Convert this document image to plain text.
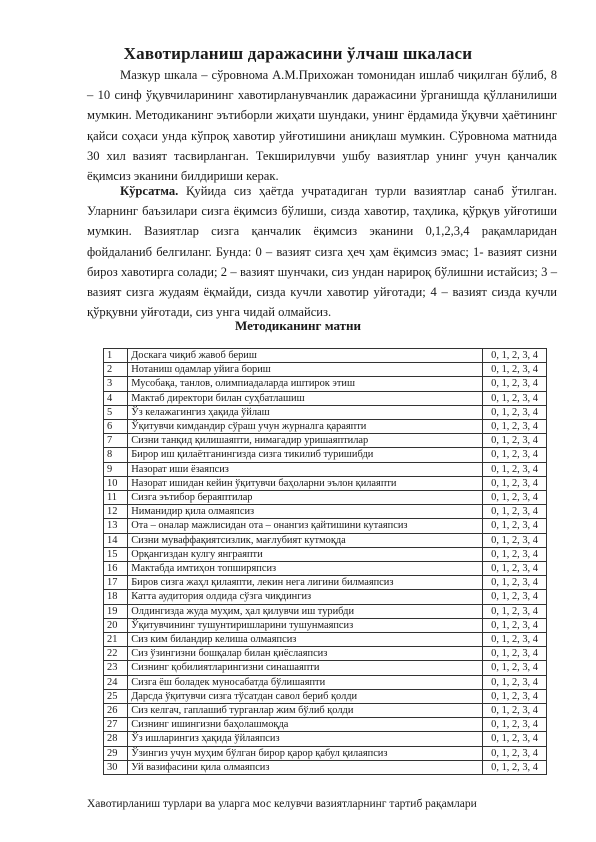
Хавотирланиш даражасини ўлчаш шкаласи

Мазкур шкала – сўровнома А.М.Прихожан томонидан ишлаб чиқилган бўлиб, 8 – 10 синф ўқувчиларининг хавотирланувчанлик даражасини ўрганишда қўлланилиши мумкин. Методиканинг эътиборли жиҳати шундаки, унинг ёрдамида ўқувчи ҳаётининг қайси соҳаси унда кўпроқ хавотир уйғотишини аниқлаш мумкин. Сўровнома матнида 30 хил вазият тасвирланган. Текширилувчи ушбу вазиятлар унинг учун қанчалик ёқимсиз эканини билдириши керак.

Кўрсатма. Қуйида сиз ҳаётда учратадиган турли вазиятлар санаб ўтилган. Уларнинг баъзилари сизга ёқимсиз бўлиши, сизда хавотир, таҳлика, қўрқув уйғотиши мумкин. Вазиятлар сизга қанчалик ёқимсиз эканини 0,1,2,3,4 рақамларидан фойдаланиб белгиланг. Бунда: 0 – вазият сизга ҳеч ҳам ёқимсиз эмас; 1- вазият сизни бироз хавотирга солади; 2 – вазият шунчаки, сиз ундан нарироқ бўлишни истайсиз; 3 – вазият сизга жудаям ёқмайди, сизда кучли хавотир уйғотади; 4 – вазият сизда кучли қўрқувни уйғотади, сиз унга чидай олмайсиз.

Методиканинг матни
1	Доскага чиқиб жавоб бериш	0, 1, 2, 3, 4
2	Нотаниш одамлар уйига бориш	0, 1, 2, 3, 4
3	Мусобақа, танлов, олимпиадаларда иштирок этиш	0, 1, 2, 3, 4
4	Мактаб директори билан суҳбатлашиш	0, 1, 2, 3, 4
5	Ўз келажагингиз ҳақида ўйлаш	0, 1, 2, 3, 4
6	Ўқитувчи кимдандир сўраш учун журналга қараяпти	0, 1, 2, 3, 4
7	Сизни танқид қилишаяпти, нимагадир уришаяптилар	0, 1, 2, 3, 4
8	Бирор иш қилаётганингизда сизга тикилиб туришибди	0, 1, 2, 3, 4
9	Назорат иши ёзаяпсиз	0, 1, 2, 3, 4
10	Назорат ишидан кейин ўқитувчи баҳоларни эълон қилаяпти	0, 1, 2, 3, 4
11	Сизга эътибор бераяптилар	0, 1, 2, 3, 4
12	Ниманидир қила олмаяпсиз	0, 1, 2, 3, 4
13	Ота – оналар мажлисидан ота – онангиз қайтишини кутаяпсиз	0, 1, 2, 3, 4
14	Сизни муваффақиятсизлик, мағлубият кутмоқда	0, 1, 2, 3, 4
15	Орқангиздан кулгу янграяпти	0, 1, 2, 3, 4
16	Мактабда имтиҳон топширяпсиз	0, 1, 2, 3, 4
17	Биров сизга жаҳл қилаяпти, лекин нега лигини билмаяпсиз	0, 1, 2, 3, 4
18	Катта аудитория олдида сўзга чиқдингиз	0, 1, 2, 3, 4
19	Олдингизда жуда муҳим, ҳал қилувчи иш турибди	0, 1, 2, 3, 4
20	Ўқитувчининг тушунтиришларини тушунмаяпсиз	0, 1, 2, 3, 4
21	Сиз ким биландир келиша олмаяпсиз	0, 1, 2, 3, 4
22	Сиз ўзингизни бошқалар билан қиёслаяпсиз	0, 1, 2, 3, 4
23	Сизнинг қобилиятларингизни синашаяпти	0, 1, 2, 3, 4
24	Сизга ёш боладек муносабатда бўлишаяпти	0, 1, 2, 3, 4
25	Дарсда ўқитувчи сизга тўсатдан савол бериб қолди	0, 1, 2, 3, 4
26	Сиз келгач, гаплашиб турганлар жим бўлиб қолди	0, 1, 2, 3, 4
27	Сизнинг ишингизни баҳолашмоқда	0, 1, 2, 3, 4
28	Ўз ишларингиз ҳақида ўйлаяпсиз	0, 1, 2, 3, 4
29	Ўзингиз учун муҳим бўлган бирор қарор қабул қилаяпсиз	0, 1, 2, 3, 4
30	Уй вазифасини қила олмаяпсиз	0, 1, 2, 3, 4
Хавотирланиш турлари ва уларга мос келувчи вазиятларнинг тартиб рақамлари
